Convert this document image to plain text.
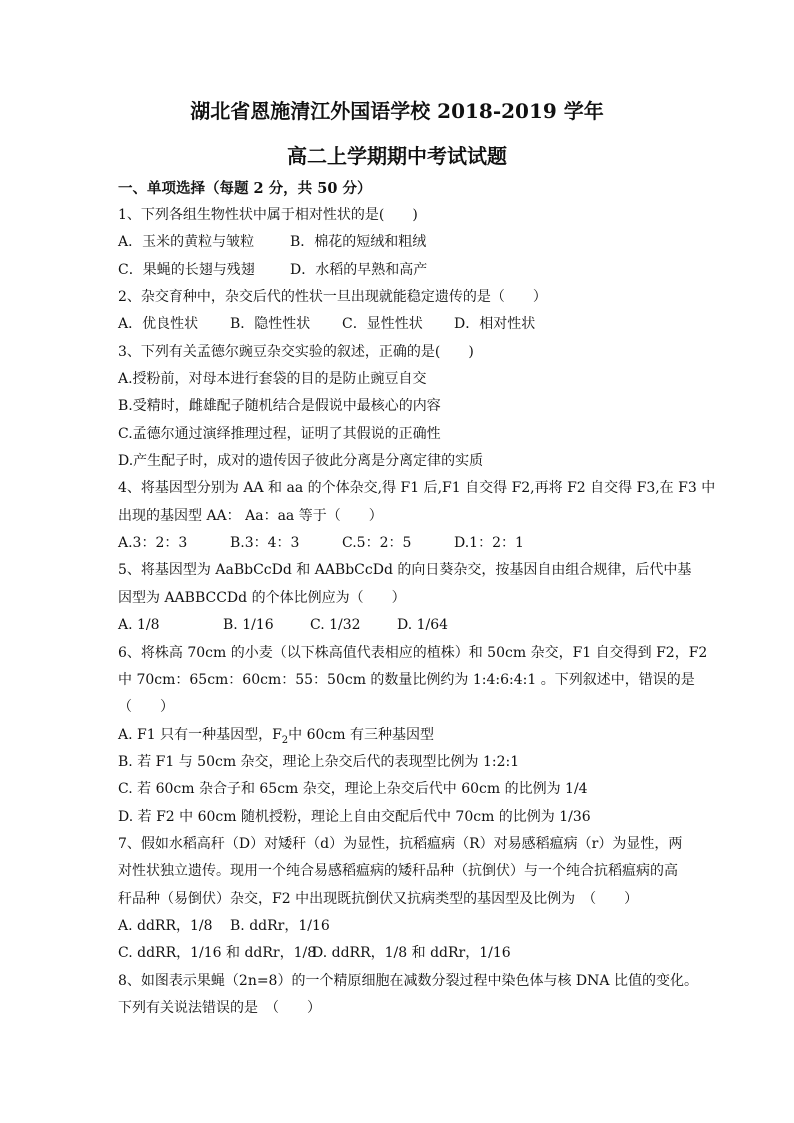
湖北省恩施清江外国语学校 2018-2019 学年
高二上学期期中考试试题
一、单项选择（每题 2 分，共 50 分）
1、下列各组生物性状中属于相对性状的是(　　)
A．玉米的黄粒与皱粒	B．棉花的短绒和粗绒
C．果蝇的长翅与残翅	D．水稻的早熟和高产
2、杂交育种中，杂交后代的性状一旦出现就能稳定遗传的是（　　）
A．优良性状 B．隐性性状 C．显性性状 D．相对性状
3、下列有关孟德尔豌豆杂交实验的叙述，正确的是(　　)
A.授粉前，对母本进行套袋的目的是防止豌豆自交
B.受精时，雌雄配子随机结合是假说中最核心的内容
C.孟德尔通过演绎推理过程，证明了其假说的正确性
D.产生配子时，成对的遗传因子彼此分离是分离定律的实质
4、将基因型分别为 AA 和 aa 的个体杂交,得 F1 后,F1 自交得 F2,再将 F2 自交得 F3,在 F3 中
出现的基因型 AA： Aa：aa 等于（　　）
A.3：2：3	B.3：4：3	C.5：2：5	D.1：2：1
5、将基因型为 AaBbCcDd 和 AABbCcDd 的向日葵杂交，按基因自由组合规律，后代中基
因型为 AABBCCDd 的个体比例应为（　　）
A. 1/8	B. 1/16	C. 1/32	D. 1/64
6、将株高 70cm 的小麦（以下株高值代表相应的植株）和 50cm 杂交，F1 自交得到 F2，F2
中 70cm：65cm：60cm：55：50cm 的数量比例约为 1:4:6:4:1 。下列叙述中，错误的是
（　　）
A. F1 只有一种基因型，$F_2$中 60cm 有三种基因型
B. 若 F1 与 50cm 杂交，理论上杂交后代的表现型比例为 1:2:1
C. 若 60cm 杂合子和 65cm 杂交，理论上杂交后代中 60cm 的比例为 1/4
D. 若 F2 中 60cm 随机授粉，理论上自由交配后代中 70cm 的比例为 1/36
7、假如水稻高秆（D）对矮秆（d）为显性，抗稻瘟病（R）对易感稻瘟病（r）为显性，两
对性状独立遗传。现用一个纯合易感稻瘟病的矮秆品种（抗倒伏）与一个纯合抗稻瘟病的高
秆品种（易倒伏）杂交，F2 中出现既抗倒伏又抗病类型的基因型及比例为　（　　）
A. ddRR，1/8 B. ddRr，1/16
C. ddRR，1/16 和 ddRr，1/8D. ddRR，1/8 和 ddRr，1/16
8、如图表示果蝇（2n=8）的一个精原细胞在减数分裂过程中染色体与核 DNA 比值的变化。
下列有关说法错误的是　（　　）
